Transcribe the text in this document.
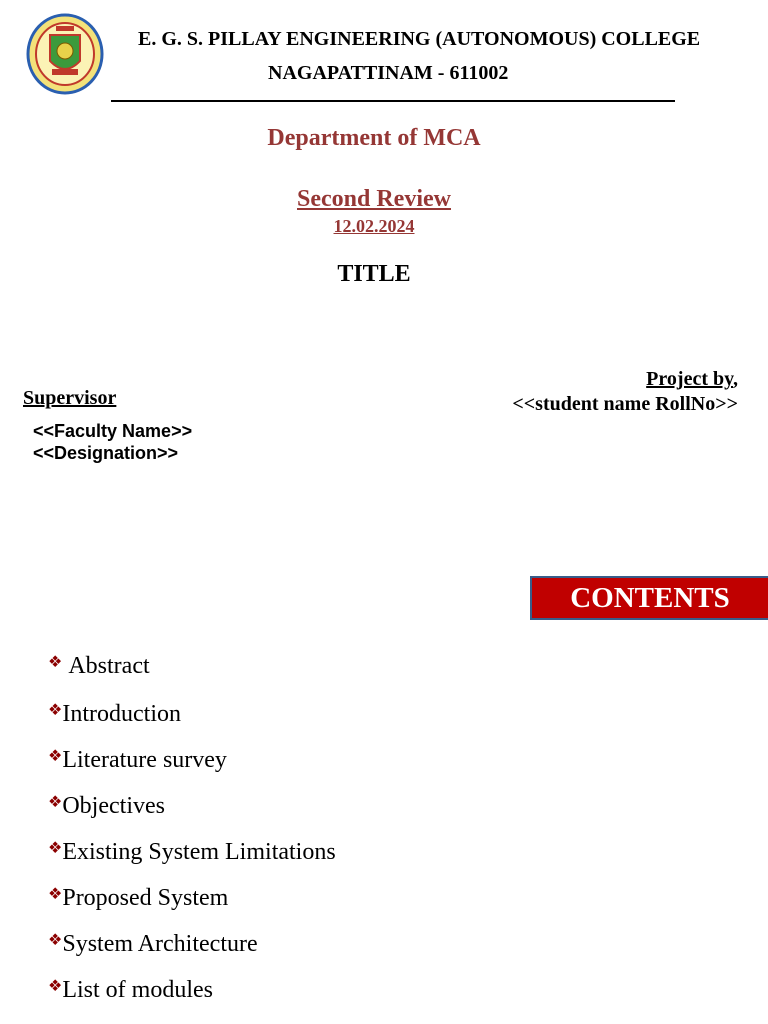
E. G. S. PILLAY ENGINEERING (AUTONOMOUS) COLLEGE
NAGAPATTINAM - 611002
Department of MCA
Second Review
12.02.2024
TITLE
Project by,
<<student name RollNo>>
Supervisor
<<Faculty Name>>
<<Designation>>
CONTENTS
❖ Abstract
❖Introduction
❖Literature survey
❖Objectives
❖Existing System Limitations
❖Proposed System
❖System Architecture
❖List of modules
